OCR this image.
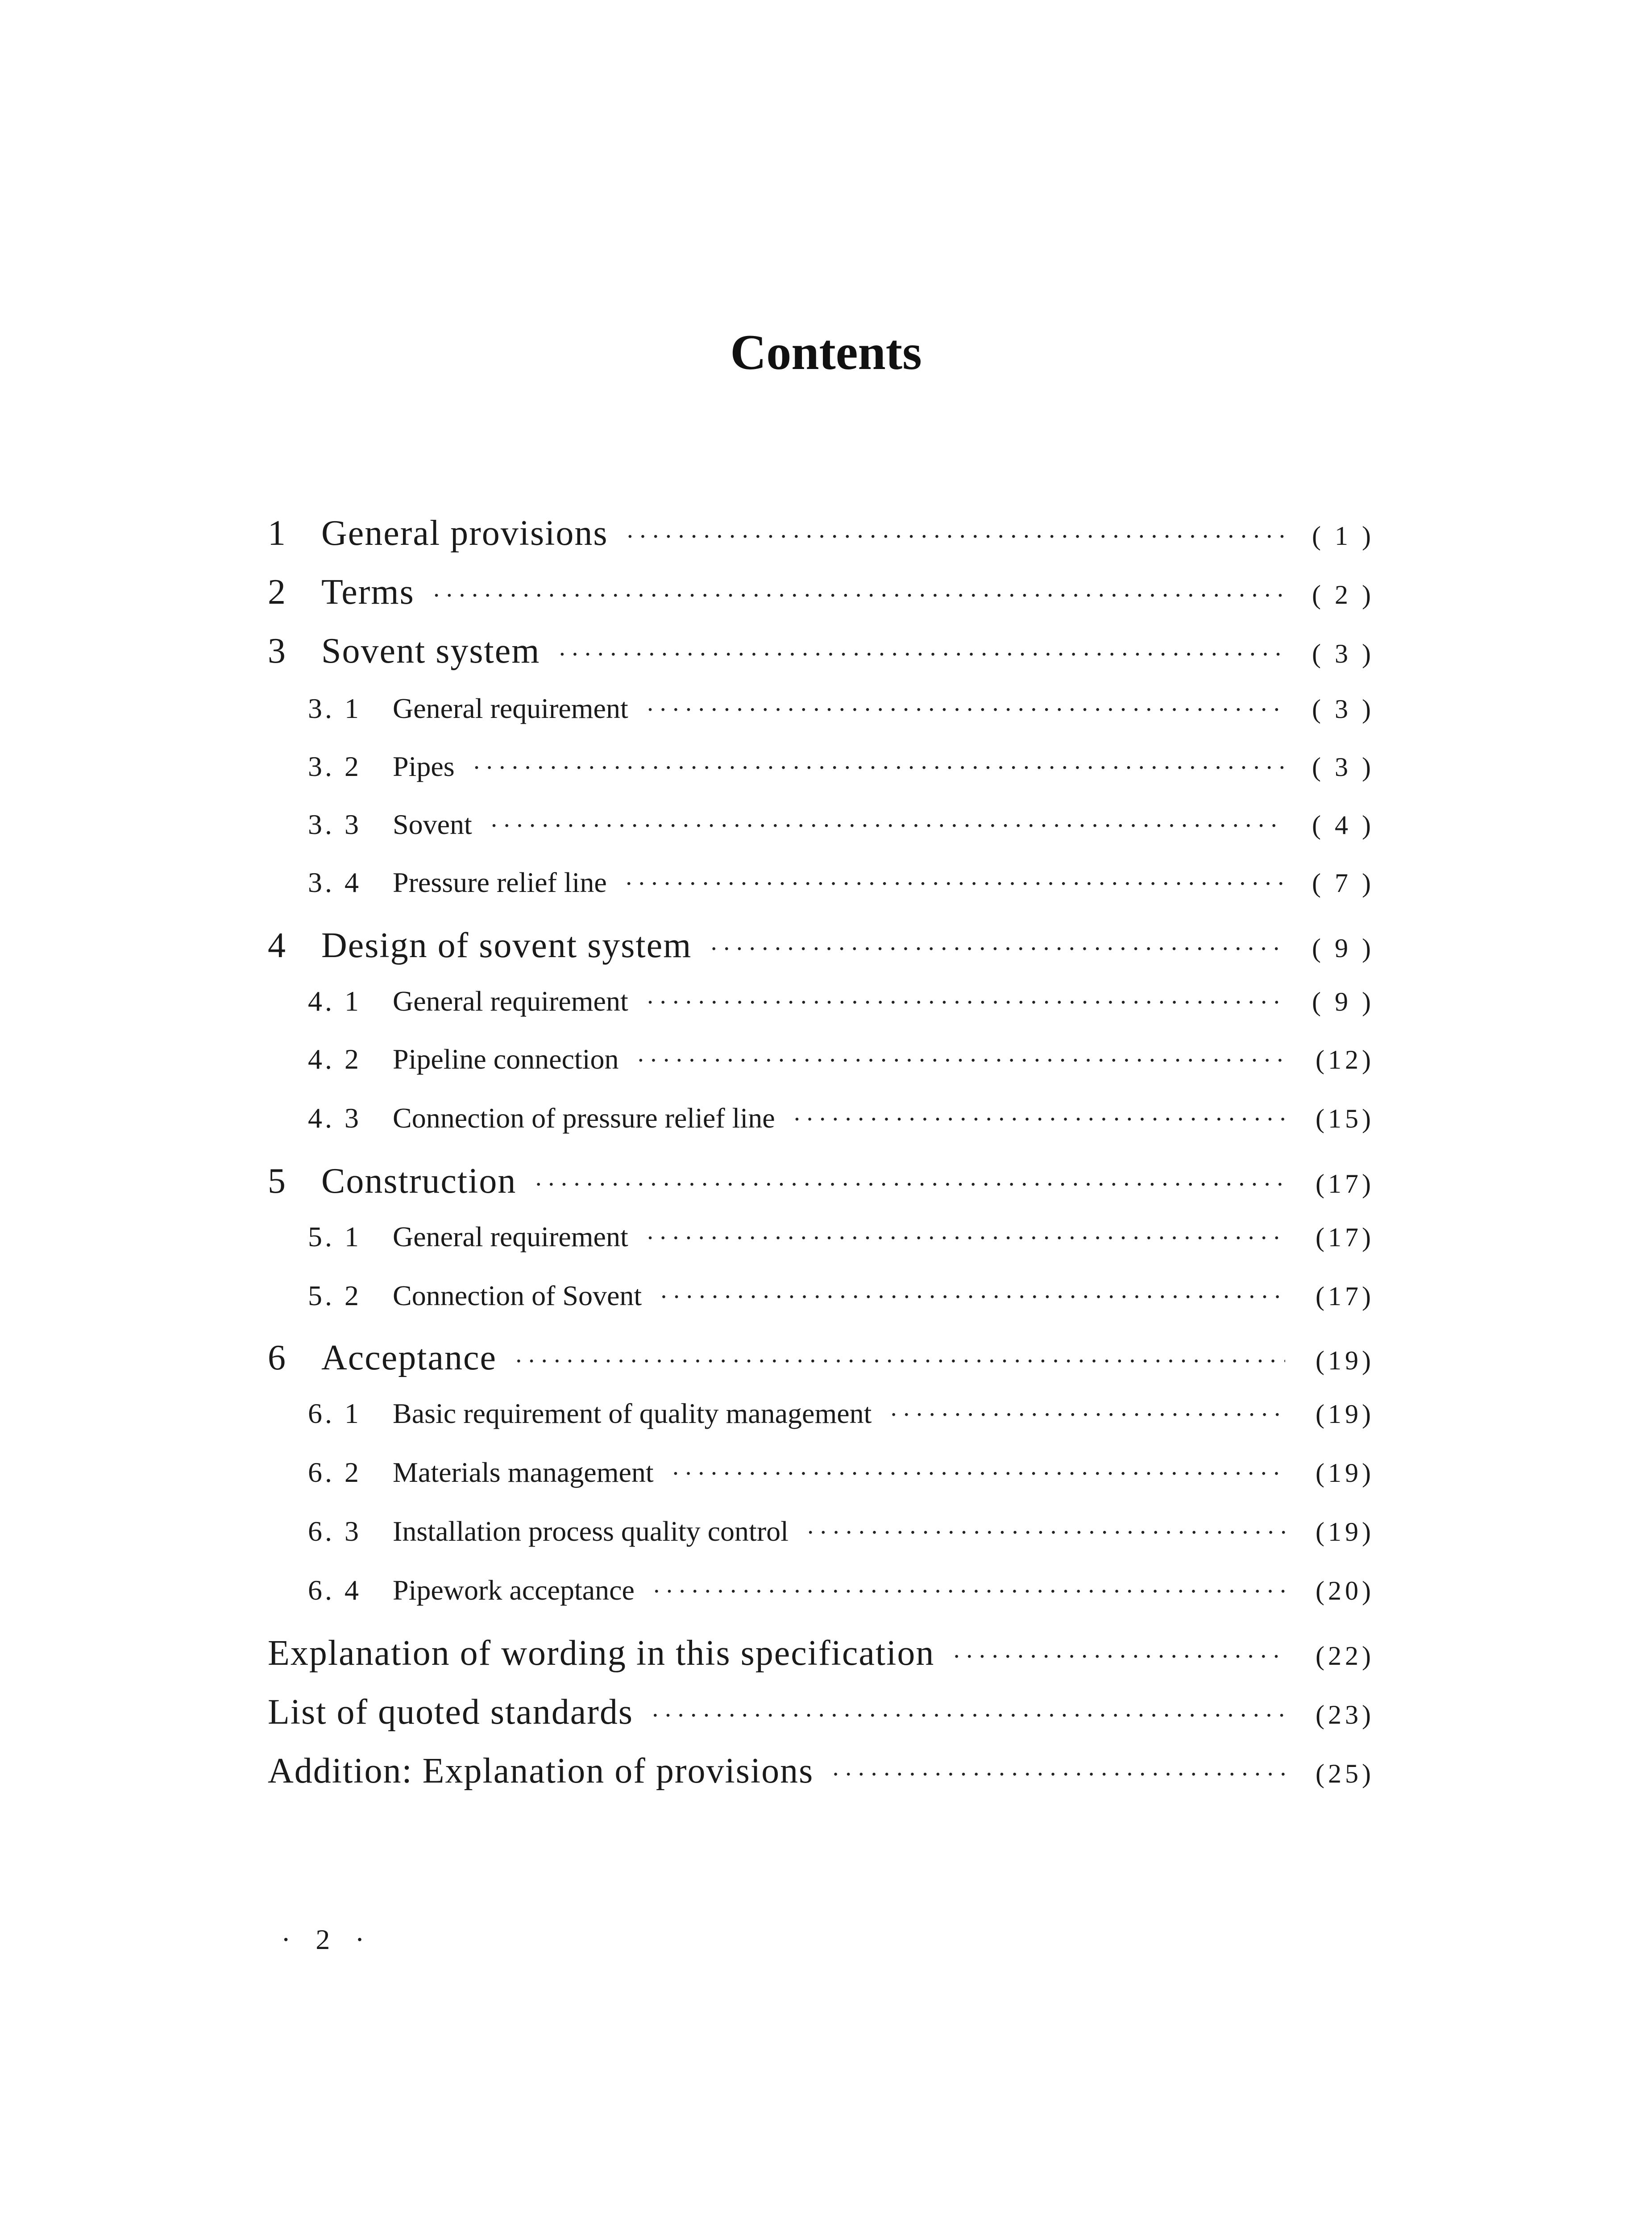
Contents
1	General provisions ·····	( 1 )
2	Terms ·····	( 2 )
3	Sovent system ·····	( 3 )
3. 1	General requirement ·····	( 3 )
3. 2	Pipes ·····	( 3 )
3. 3	Sovent ·····	( 4 )
3. 4	Pressure relief line ·····	( 7 )
4	Design of sovent system ·····	( 9 )
4. 1	General requirement ·····	( 9 )
4. 2	Pipeline connection ·····	(12)
4. 3	Connection of pressure relief line ·····	(15)
5	Construction ·····	(17)
5. 1	General requirement ·····	(17)
5. 2	Connection of Sovent ·····	(17)
6	Acceptance ·····	(19)
6. 1	Basic requirement of quality management ·····	(19)
6. 2	Materials management ·····	(19)
6. 3	Installation process quality control ·····	(19)
6. 4	Pipework acceptance ·····	(20)
Explanation of wording in this specification ·····	(22)
List of quoted standards ·····	(23)
Addition: Explanation of provisions ·····	(25)
· 2 ·
